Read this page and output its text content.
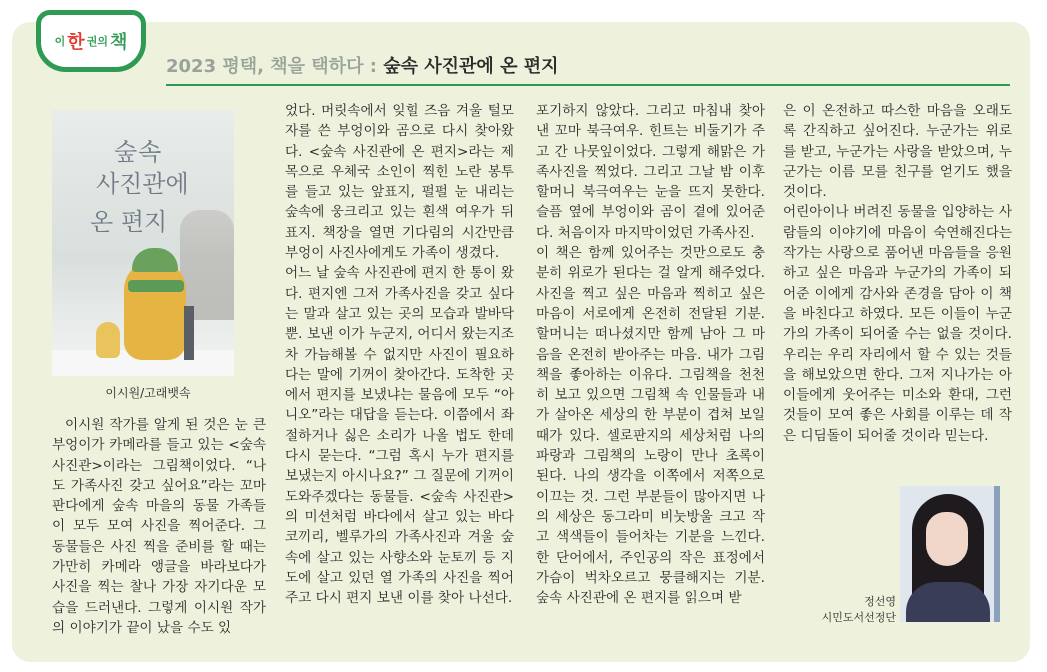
이 한 권의 책
2023 평택, 책을 택하다 : 숲속 사진관에 온 편지
숲속
사진관에
온 편지
이시원/고래뱃속
이시원 작가를 알게 된 것은 눈 큰 부엉이가 카메라를 들고 있는 <숲속 사진관>이라는 그림책이었다. “나도 가족사진 갖고 싶어요”라는 꼬마 판다에게 숲속 마을의 동물 가족들이 모두 모여 사진을 찍어준다. 그 동물들은 사진 찍을 준비를 할 때는 가만히 카메라 앵글을 바라보다가 사진을 찍는 찰나 가장 자기다운 모습을 드러낸다. 그렇게 이시원 작가의 이야기가 끝이 났을 수도 있
었다. 머릿속에서 잊힐 즈음 겨울 털모자를 쓴 부엉이와 곰으로 다시 찾아왔다. <숲속 사진관에 온 편지>라는 제목으로 우체국 소인이 찍힌 노란 봉투를 들고 있는 앞표지, 펄펄 눈 내리는 숲속에 웅크리고 있는 흰색 여우가 뒤표지. 책장을 열면 기다림의 시간만큼 부엉이 사진사에게도 가족이 생겼다.
어느 날 숲속 사진관에 편지 한 통이 왔다. 편지엔 그저 가족사진을 갖고 싶다는 말과 살고 있는 곳의 모습과 발바닥뿐. 보낸 이가 누군지, 어디서 왔는지조차 가늠해볼 수 없지만 사진이 필요하다는 말에 기꺼이 찾아간다. 도착한 곳에서 편지를 보냈냐는 물음에 모두 “아니오”라는 대답을 듣는다. 이쯤에서 좌절하거나 싫은 소리가 나올 법도 한데 다시 묻는다. “그럼 혹시 누가 편지를 보냈는지 아시나요?” 그 질문에 기꺼이 도와주겠다는 동물들. <숲속 사진관>의 미션처럼 바다에서 살고 있는 바다코끼리, 벨루가의 가족사진과 겨울 숲속에 살고 있는 사향소와 눈토끼 등 지도에 살고 있던 열 가족의 사진을 찍어주고 다시 편지 보낸 이를 찾아 나선다.
포기하지 않았다. 그리고 마침내 찾아낸 꼬마 북극여우. 힌트는 비둘기가 주고 간 나뭇잎이었다. 그렇게 해맑은 가족사진을 찍었다. 그리고 그날 밤 이후 할머니 북극여우는 눈을 뜨지 못한다. 슬픔 옆에 부엉이와 곰이 곁에 있어준다. 처음이자 마지막이었던 가족사진.
이 책은 함께 있어주는 것만으로도 충분히 위로가 된다는 걸 알게 해주었다. 사진을 찍고 싶은 마음과 찍히고 싶은 마음이 서로에게 온전히 전달된 기분. 할머니는 떠나셨지만 함께 남아 그 마음을 온전히 받아주는 마음. 내가 그림책을 좋아하는 이유다. 그림책을 천천히 보고 있으면 그림책 속 인물들과 내가 살아온 세상의 한 부분이 겹쳐 보일 때가 있다. 셀로판지의 세상처럼 나의 파랑과 그림책의 노랑이 만나 초록이 된다. 나의 생각을 이쪽에서 저쪽으로 이끄는 것. 그런 부분들이 많아지면 나의 세상은 동그라미 비눗방울 크고 작고 색색들이 들어차는 기분을 느낀다. 한 단어에서, 주인공의 작은 표정에서 가슴이 벅차오르고 뭉클해지는 기분. 숲속 사진관에 온 편지를 읽으며 받
은 이 온전하고 따스한 마음을 오래도록 간직하고 싶어진다. 누군가는 위로를 받고, 누군가는 사랑을 받았으며, 누군가는 이름 모를 친구를 얻기도 했을 것이다.
어린아이나 버려진 동물을 입양하는 사람들의 이야기에 마음이 숙연해진다는 작가는 사랑으로 품어낸 마음들을 응원하고 싶은 마음과 누군가의 가족이 되어준 이에게 감사와 존경을 담아 이 책을 바친다고 하였다. 모든 이들이 누군가의 가족이 되어줄 수는 없을 것이다. 우리는 우리 자리에서 할 수 있는 것들을 해보았으면 한다. 그저 지나가는 아이들에게 웃어주는 미소와 환대, 그런 것들이 모여 좋은 사회를 이루는 데 작은 디딤돌이 되어줄 것이라 믿는다.
정선영
시민도서선정단
